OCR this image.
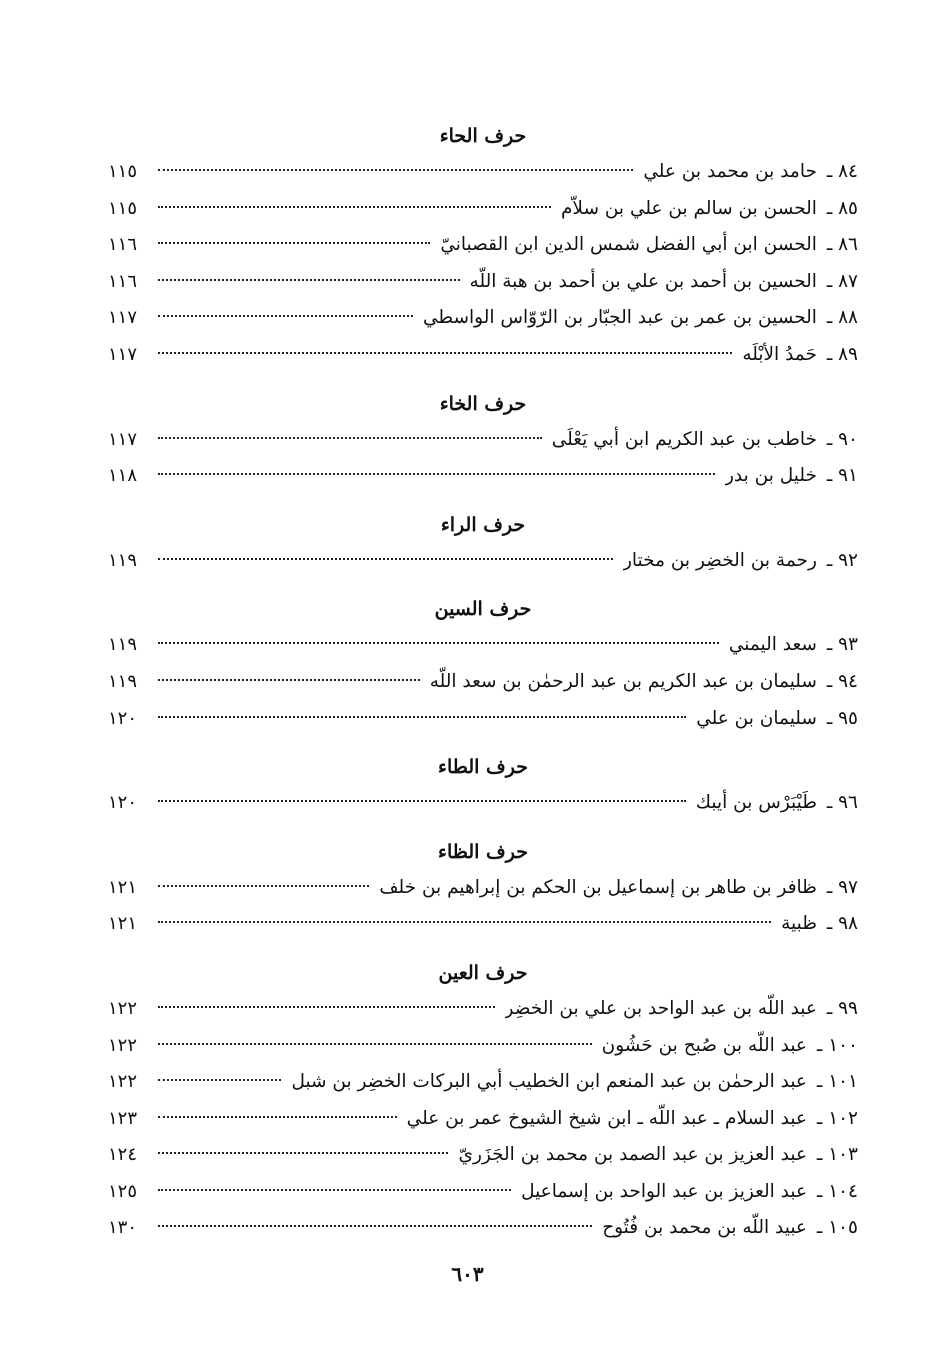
حرف الحاء
٨٤ ـ حامد بن محمد بن علي
١١٥
٨٥ ـ الحسن بن سالم بن علي بن سلاّم
١١٥
٨٦ ـ الحسن ابن أبي الفضل شمس الدين ابن القصبانيّ
١١٦
٨٧ ـ الحسين بن أحمد بن علي بن أحمد بن هبة اللّه
١١٦
٨٨ ـ الحسين بن عمر بن عبد الجبّار بن الرّوّاس الواسطي
١١٧
٨٩ ـ حَمدُ الأبْلَه
١١٧
حرف الخاء
٩٠ ـ خاطب بن عبد الكريم ابن أبي يَعْلَى
١١٧
٩١ ـ خليل بن بدر
١١٨
حرف الراء
٩٢ ـ رحمة بن الخضِر بن مختار
١١٩
حرف السين
٩٣ ـ سعد اليمني
١١٩
٩٤ ـ سليمان بن عبد الكريم بن عبد الرحمٰن بن سعد اللّه
١١٩
٩٥ ـ سليمان بن علي
١٢٠
حرف الطاء
٩٦ ـ طَيْبَرْس بن أيبك
١٢٠
حرف الظاء
٩٧ ـ ظافر بن طاهر بن إسماعيل بن الحكم بن إبراهيم بن خلف
١٢١
٩٨ ـ ظبية
١٢١
حرف العين
٩٩ ـ عبد اللّه بن عبد الواحد بن علي بن الخضِر
١٢٢
١٠٠ ـ عبد اللّه بن صُبح بن حَشُون
١٢٢
١٠١ ـ عبد الرحمٰن بن عبد المنعم ابن الخطيب أبي البركات الخضِر بن شبل
١٢٢
١٠٢ ـ عبد السلام ـ عبد اللّه ـ ابن شيخ الشيوخ عمر بن علي
١٢٣
١٠٣ ـ عبد العزيز بن عبد الصمد بن محمد بن الجَزَريّ
١٢٤
١٠٤ ـ عبد العزيز بن عبد الواحد بن إسماعيل
١٢٥
١٠٥ ـ عبيد اللّه بن محمد بن فُتُوح
١٣٠
٦٠٣
